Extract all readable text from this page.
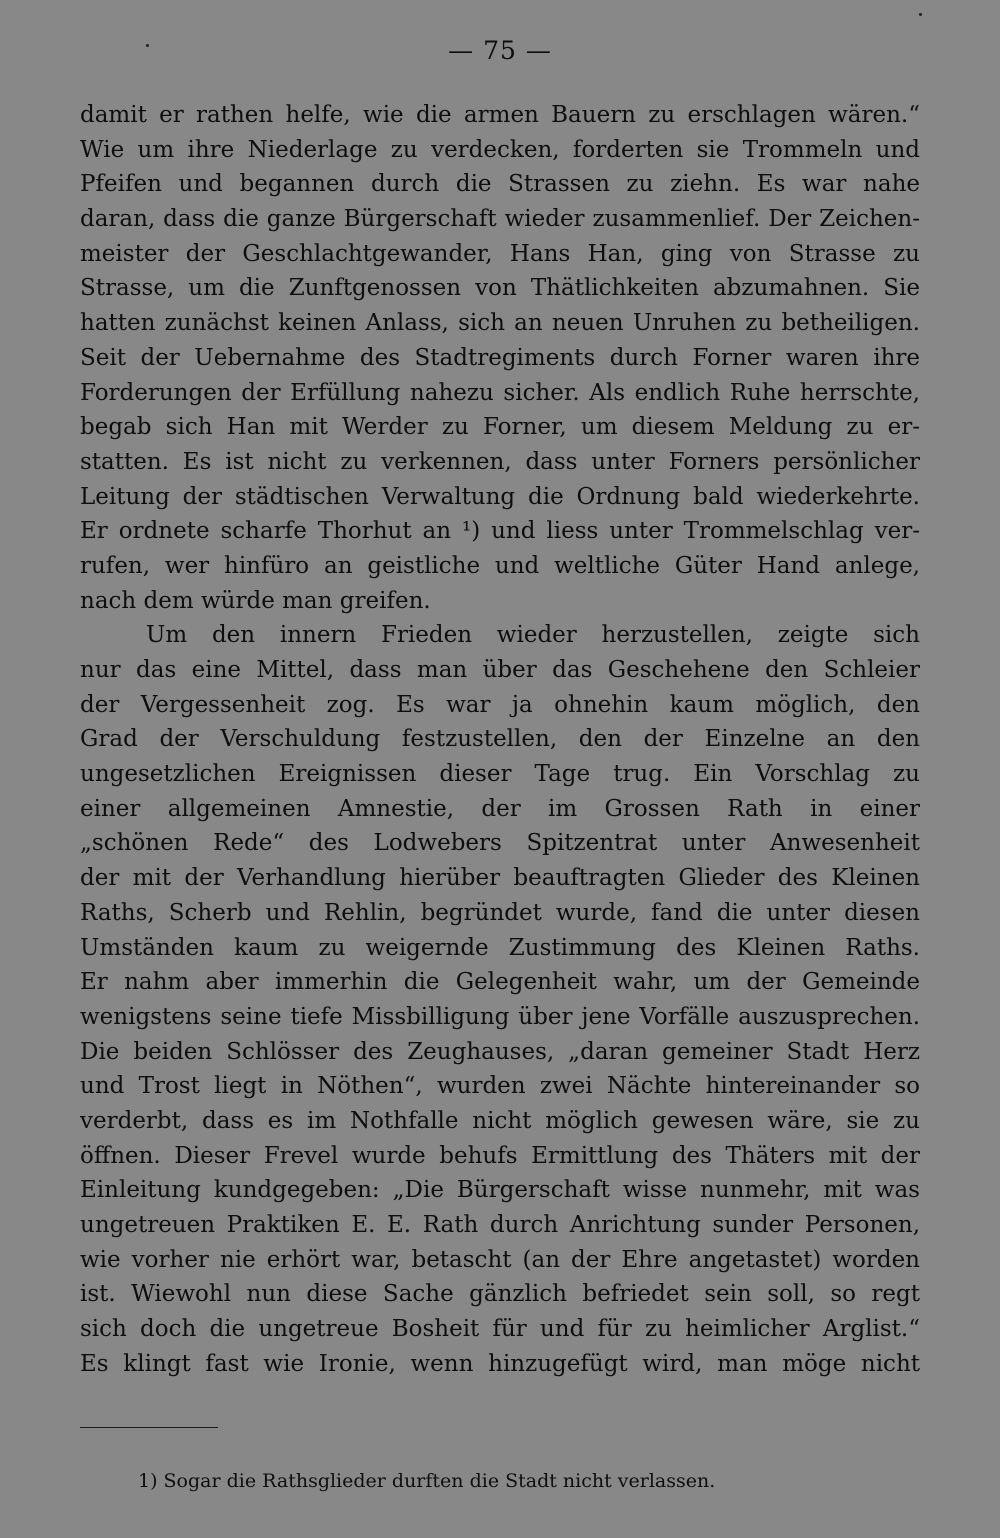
— 75 —
damit er rathen helfe, wie die armen Bauern zu erschlagen wären.“
Wie um ihre Niederlage zu verdecken, forderten sie Trommeln und
Pfeifen und begannen durch die Strassen zu ziehn. Es war nahe
daran, dass die ganze Bürgerschaft wieder zusammenlief. Der Zeichen-
meister der Geschlachtgewander, Hans Han, ging von Strasse zu
Strasse, um die Zunftgenossen von Thätlichkeiten abzumahnen. Sie
hatten zunächst keinen Anlass, sich an neuen Unruhen zu betheiligen.
Seit der Uebernahme des Stadtregiments durch Forner waren ihre
Forderungen der Erfüllung nahezu sicher. Als endlich Ruhe herrschte,
begab sich Han mit Werder zu Forner, um diesem Meldung zu er-
statten. Es ist nicht zu verkennen, dass unter Forners persönlicher
Leitung der städtischen Verwaltung die Ordnung bald wiederkehrte.
Er ordnete scharfe Thorhut an ¹) und liess unter Trommelschlag ver-
rufen, wer hinfüro an geistliche und weltliche Güter Hand anlege,
nach dem würde man greifen.
Um den innern Frieden wieder herzustellen, zeigte sich
nur das eine Mittel, dass man über das Geschehene den Schleier
der Vergessenheit zog. Es war ja ohnehin kaum möglich, den
Grad der Verschuldung festzustellen, den der Einzelne an den
ungesetzlichen Ereignissen dieser Tage trug. Ein Vorschlag zu
einer allgemeinen Amnestie, der im Grossen Rath in einer
„schönen Rede“ des Lodwebers Spitzentrat unter Anwesenheit
der mit der Verhandlung hierüber beauftragten Glieder des Kleinen
Raths, Scherb und Rehlin, begründet wurde, fand die unter diesen
Umständen kaum zu weigernde Zustimmung des Kleinen Raths.
Er nahm aber immerhin die Gelegenheit wahr, um der Gemeinde
wenigstens seine tiefe Missbilligung über jene Vorfälle auszusprechen.
Die beiden Schlösser des Zeughauses, „daran gemeiner Stadt Herz
und Trost liegt in Nöthen“, wurden zwei Nächte hintereinander so
verderbt, dass es im Nothfalle nicht möglich gewesen wäre, sie zu
öffnen. Dieser Frevel wurde behufs Ermittlung des Thäters mit der
Einleitung kundgegeben: „Die Bürgerschaft wisse nunmehr, mit was
ungetreuen Praktiken E. E. Rath durch Anrichtung sunder Personen,
wie vorher nie erhört war, betascht (an der Ehre angetastet) worden
ist. Wiewohl nun diese Sache gänzlich befriedet sein soll, so regt
sich doch die ungetreue Bosheit für und für zu heimlicher Arglist.“
Es klingt fast wie Ironie, wenn hinzugefügt wird, man möge nicht
1) Sogar die Rathsglieder durften die Stadt nicht verlassen.
